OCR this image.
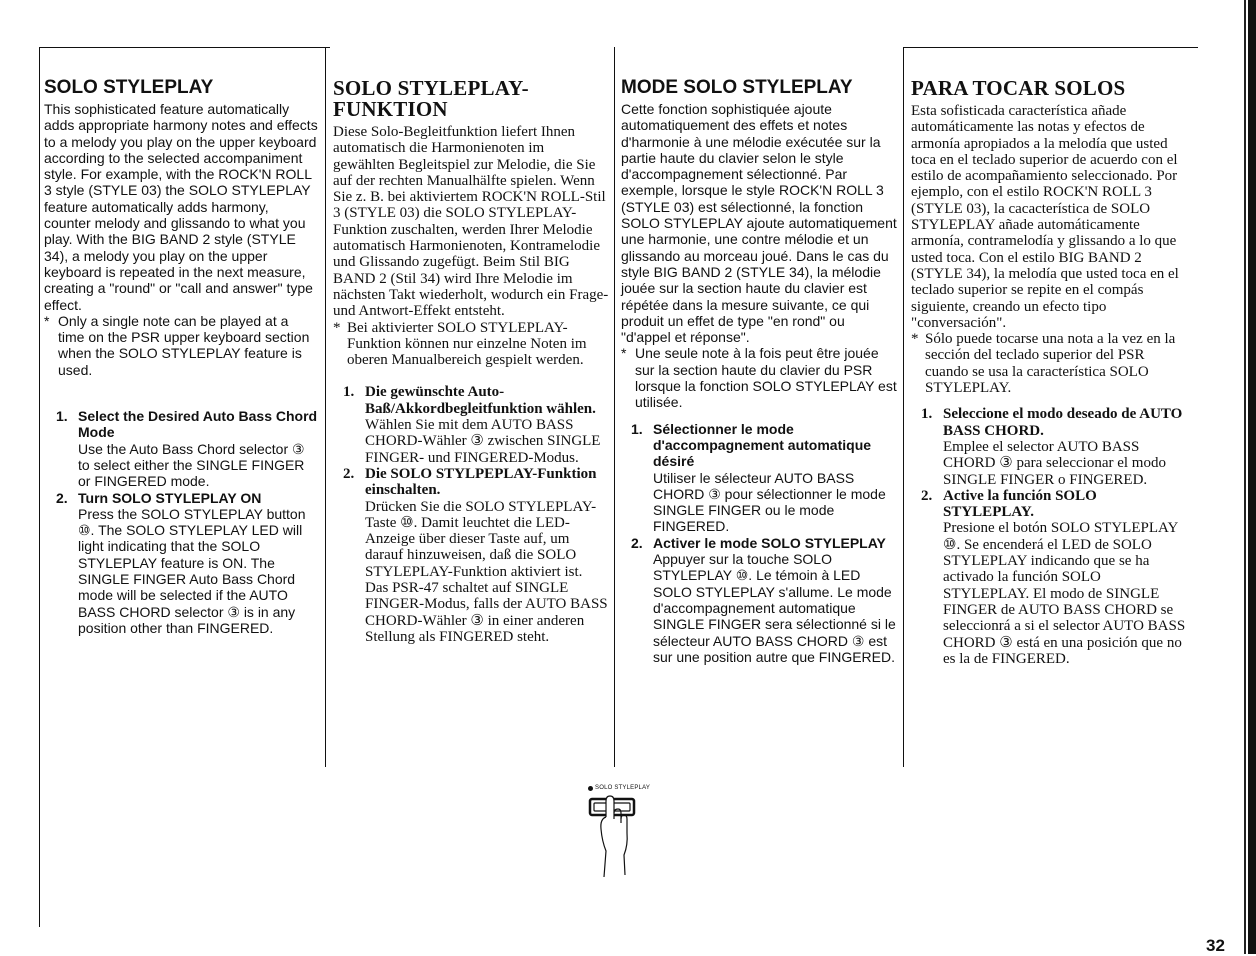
SOLO STYLEPLAY

This sophisticated feature automatically adds appropriate harmony notes and effects to a melody you play on the upper keyboard according to the selected accompaniment style. For example, with the ROCK'N ROLL 3 style (STYLE 03) the SOLO STYLEPLAY feature automatically adds harmony, counter melody and glissando to what you play. With the BIG BAND 2 style (STYLE 34), a melody you play on the upper keyboard is repeated in the next measure, creating a "round" or "call and answer" type effect.

* Only a single note can be played at a time on the PSR upper keyboard section when the SOLO STYLEPLAY feature is used.
1. Select the Desired Auto Bass Chord Mode
Use the Auto Bass Chord selector ③ to select either the SINGLE FINGER or FINGERED mode.
2. Turn SOLO STYLEPLAY ON
Press the SOLO STYLEPLAY button ⑩. The SOLO STYLEPLAY LED will light indicating that the SOLO STYLEPLAY feature is ON. The SINGLE FINGER Auto Bass Chord mode will be selected if the AUTO BASS CHORD selector ③ is in any position other than FINGERED.
SOLO STYLEPLAY-FUNKTION

Diese Solo-Begleitfunktion liefert Ihnen automatisch die Harmonienoten im gewählten Begleitspiel zur Melodie, die Sie auf der rechten Manualhälfte spielen. Wenn Sie z. B. bei aktiviertem ROCK'N ROLL-Stil 3 (STYLE 03) die SOLO STYLEPLAY-Funktion zuschalten, werden Ihrer Melodie automatisch Harmonienoten, Kontramelodie und Glissando zugefügt. Beim Stil BIG BAND 2 (Stil 34) wird Ihre Melodie im nächsten Takt wiederholt, wodurch ein Frage- und Antwort-Effekt entsteht.

* Bei aktivierter SOLO STYLEPLAY-Funktion können nur einzelne Noten im oberen Manualbereich gespielt werden.
1. Die gewünschte Auto-Baß/Akkordbegleitfunktion wählen.
Wählen Sie mit dem AUTO BASS CHORD-Wähler ③ zwischen SINGLE FINGER- und FINGERED-Modus.
2. Die SOLO STYLPEPLAY-Funktion einschalten.
Drücken Sie die SOLO STYLEPLAY-Taste ⑩. Damit leuchtet die LED-Anzeige über dieser Taste auf, um darauf hinzuweisen, daß die SOLO STYLEPLAY-Funktion aktiviert ist. Das PSR-47 schaltet auf SINGLE FINGER-Modus, falls der AUTO BASS CHORD-Wähler ③ in einer anderen Stellung als FINGERED steht.
MODE SOLO STYLEPLAY

Cette fonction sophistiquée ajoute automatiquement des effets et notes d'harmonie à une mélodie exécutée sur la partie haute du clavier selon le style d'accompagnement sélectionné. Par exemple, lorsque le style ROCK'N ROLL 3 (STYLE 03) est sélectionné, la fonction SOLO STYLEPLAY ajoute automatiquement une harmonie, une contre mélodie et un glissando au morceau joué. Dans le cas du style BIG BAND 2 (STYLE 34), la mélodie jouée sur la section haute du clavier est répétée dans la mesure suivante, ce qui produit un effet de type "en rond" ou "d'appel et réponse".

* Une seule note à la fois peut être jouée sur la section haute du clavier du PSR lorsque la fonction SOLO STYLEPLAY est utilisée.
1. Sélectionner le mode d'accompagnement automatique désiré
Utiliser le sélecteur AUTO BASS CHORD ③ pour sélectionner le mode SINGLE FINGER ou le mode FINGERED.
2. Activer le mode SOLO STYLEPLAY
Appuyer sur la touche SOLO STYLEPLAY ⑩. Le témoin à LED SOLO STYLEPLAY s'allume. Le mode d'accompagnement automatique SINGLE FINGER sera sélectionné si le sélecteur AUTO BASS CHORD ③ est sur une position autre que FINGERED.
PARA TOCAR SOLOS

Esta sofisticada característica añade automáticamente las notas y efectos de armonía apropiados a la melodía que usted toca en el teclado superior de acuerdo con el estilo de acompañamiento seleccionado. Por ejemplo, con el estilo ROCK'N ROLL 3 (STYLE 03), la cacacterística de SOLO STYLEPLAY añade automáticamente armonía, contramelodía y glissando a lo que usted toca. Con el estilo BIG BAND 2 (STYLE 34), la melodía que usted toca en el teclado superior se repite en el compás siguiente, creando un efecto tipo "conversación".

* Sólo puede tocarse una nota a la vez en la sección del teclado superior del PSR cuando se usa la característica SOLO STYLEPLAY.
1. Seleccione el modo deseado de AUTO BASS CHORD.
Emplee el selector AUTO BASS CHORD ③ para seleccionar el modo SINGLE FINGER o FINGERED.
2. Active la función SOLO STYLEPLAY.
Presione el botón SOLO STYLEPLAY ⑩. Se encenderá el LED de SOLO STYLEPLAY indicando que se ha activado la función SOLO STYLEPLAY. El modo de SINGLE FINGER de AUTO BASS CHORD se seleccionrá a si el selector AUTO BASS CHORD ③ está en una posición que no es la de FINGERED.
SOLO STYLEPLAY
32
